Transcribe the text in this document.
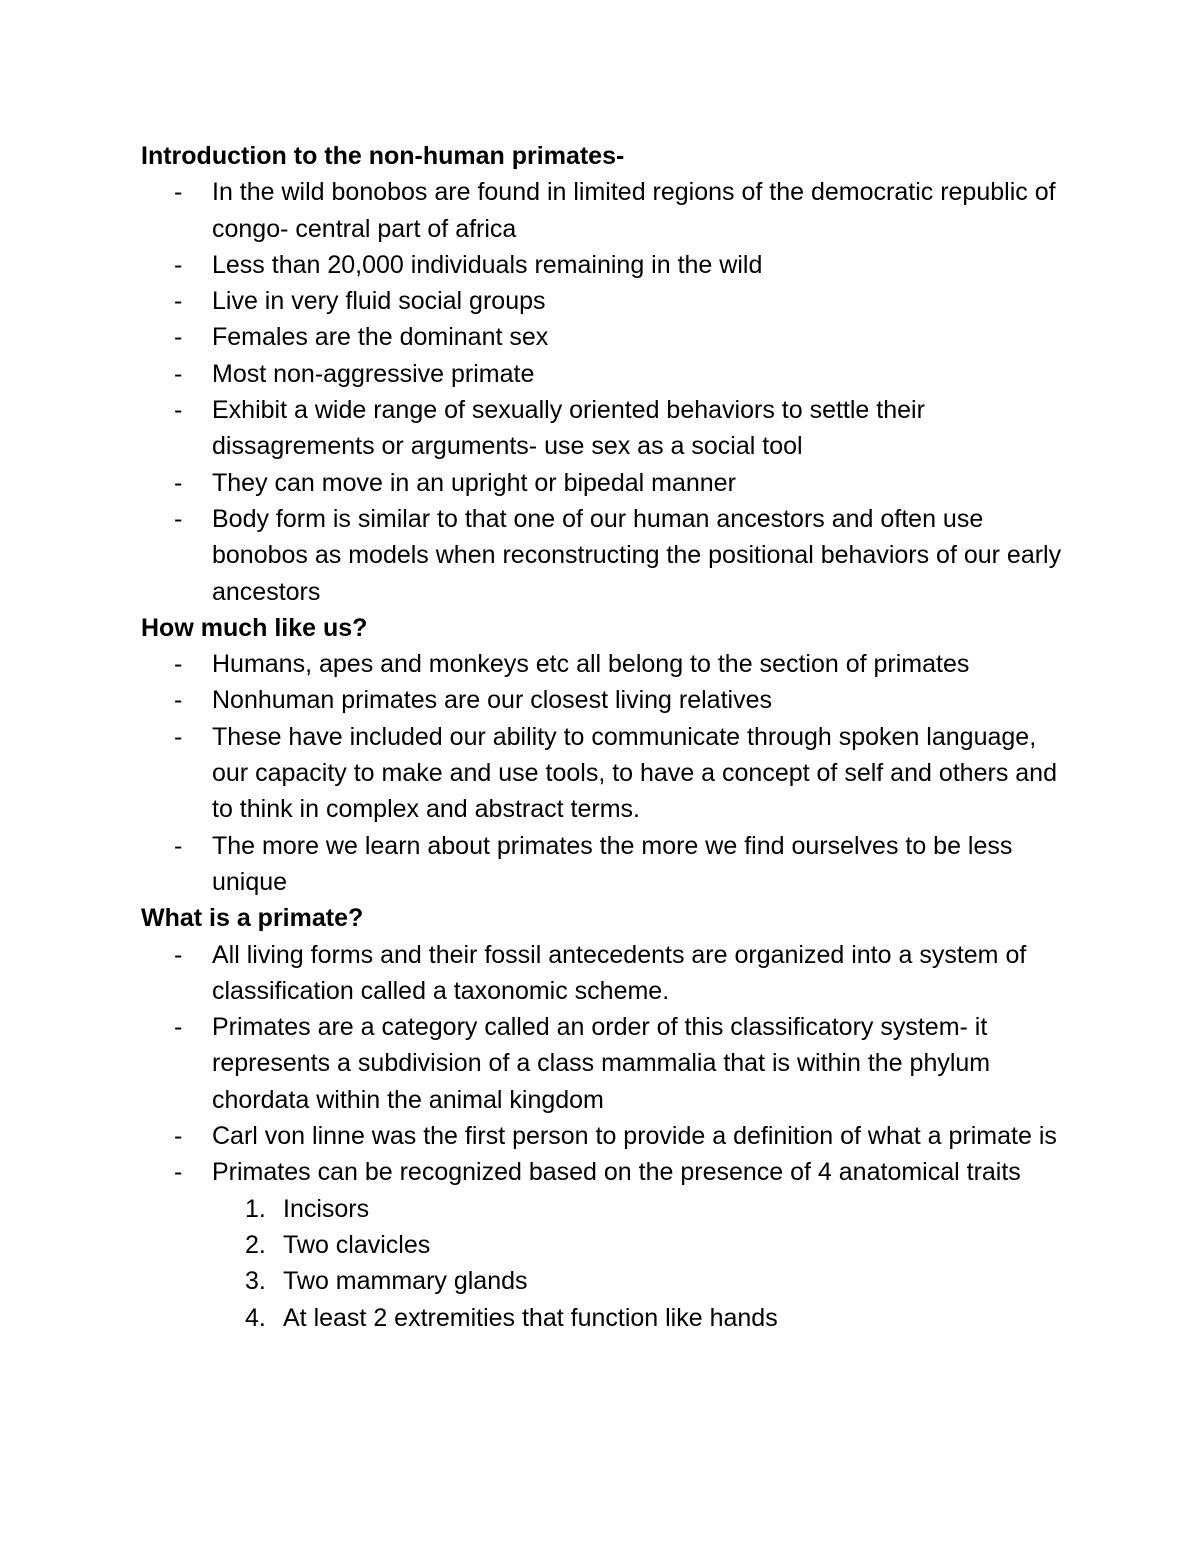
Introduction to the non-human primates-
- In the wild bonobos are found in limited regions of the democratic republic of congo- central part of africa
- Less than 20,000 individuals remaining in the wild
- Live in very fluid social groups
- Females are the dominant sex
- Most non-aggressive primate
- Exhibit a wide range of sexually oriented behaviors to settle their dissagrements or arguments- use sex as a social tool
- They can move in an upright or bipedal manner
- Body form is similar to that one of our human ancestors and often use bonobos as models when reconstructing the positional behaviors of our early ancestors
How much like us?
- Humans, apes and monkeys etc all belong to the section of primates
- Nonhuman primates are our closest living relatives
- These have included our ability to communicate through spoken language, our capacity to make and use tools, to have a concept of self and others and to think in complex and abstract terms.
- The more we learn about primates the more we find ourselves to be less unique
What is a primate?
- All living forms and their fossil antecedents are organized into a system of classification called a taxonomic scheme.
- Primates are a category called an order of this classificatory system- it represents a subdivision of a class mammalia that is within the phylum chordata within the animal kingdom
- Carl von linne was the first person to provide a definition of what a primate is
- Primates can be recognized based on the presence of 4 anatomical traits
1. Incisors
2. Two clavicles
3. Two mammary glands
4. At least 2 extremities that function like hands
